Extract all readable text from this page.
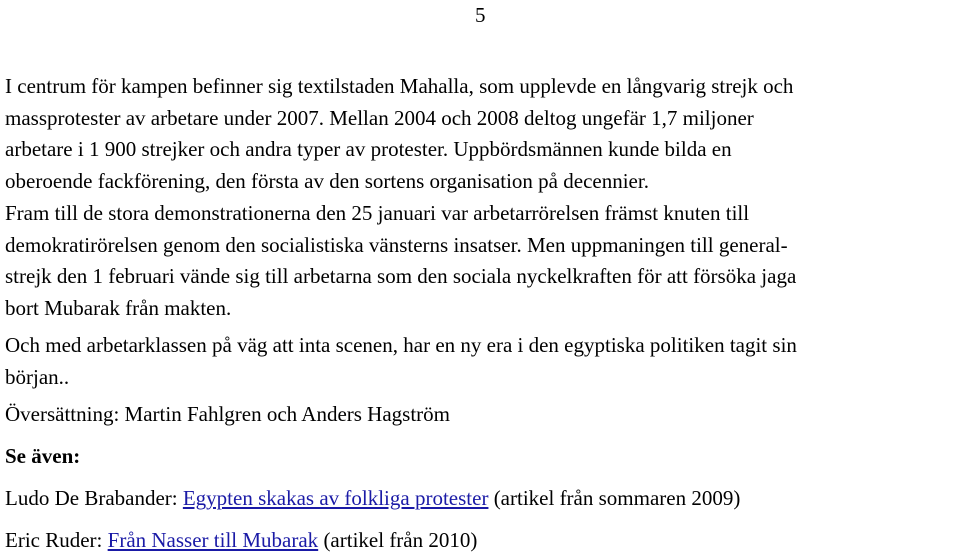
5

I centrum för kampen befinner sig textilstaden Mahalla, som upplevde en långvarig strejk och
massprotester av arbetare under 2007. Mellan 2004 och 2008 deltog ungefär 1,7 miljoner
arbetare i 1 900 strejker och andra typer av protester. Uppbördsmännen kunde bilda en
oberoende fackförening, den första av den sortens organisation på decennier.

Fram till de stora demonstrationerna den 25 januari var arbetarrörelsen främst knuten till
demokratirörelsen genom den socialistiska vänsterns insatser. Men uppmaningen till general-
strejk den 1 februari vände sig till arbetarna som den sociala nyckelkraften för att försöka jaga
bort Mubarak från makten.

Och med arbetarklassen på väg att inta scenen, har en ny era i den egyptiska politiken tagit sin
början..

Översättning: Martin Fahlgren och Anders Hagström

Se även:

Ludo De Brabander: Egypten skakas av folkliga protester (artikel från sommaren 2009)

Eric Ruder: Från Nasser till Mubarak (artikel från 2010)
